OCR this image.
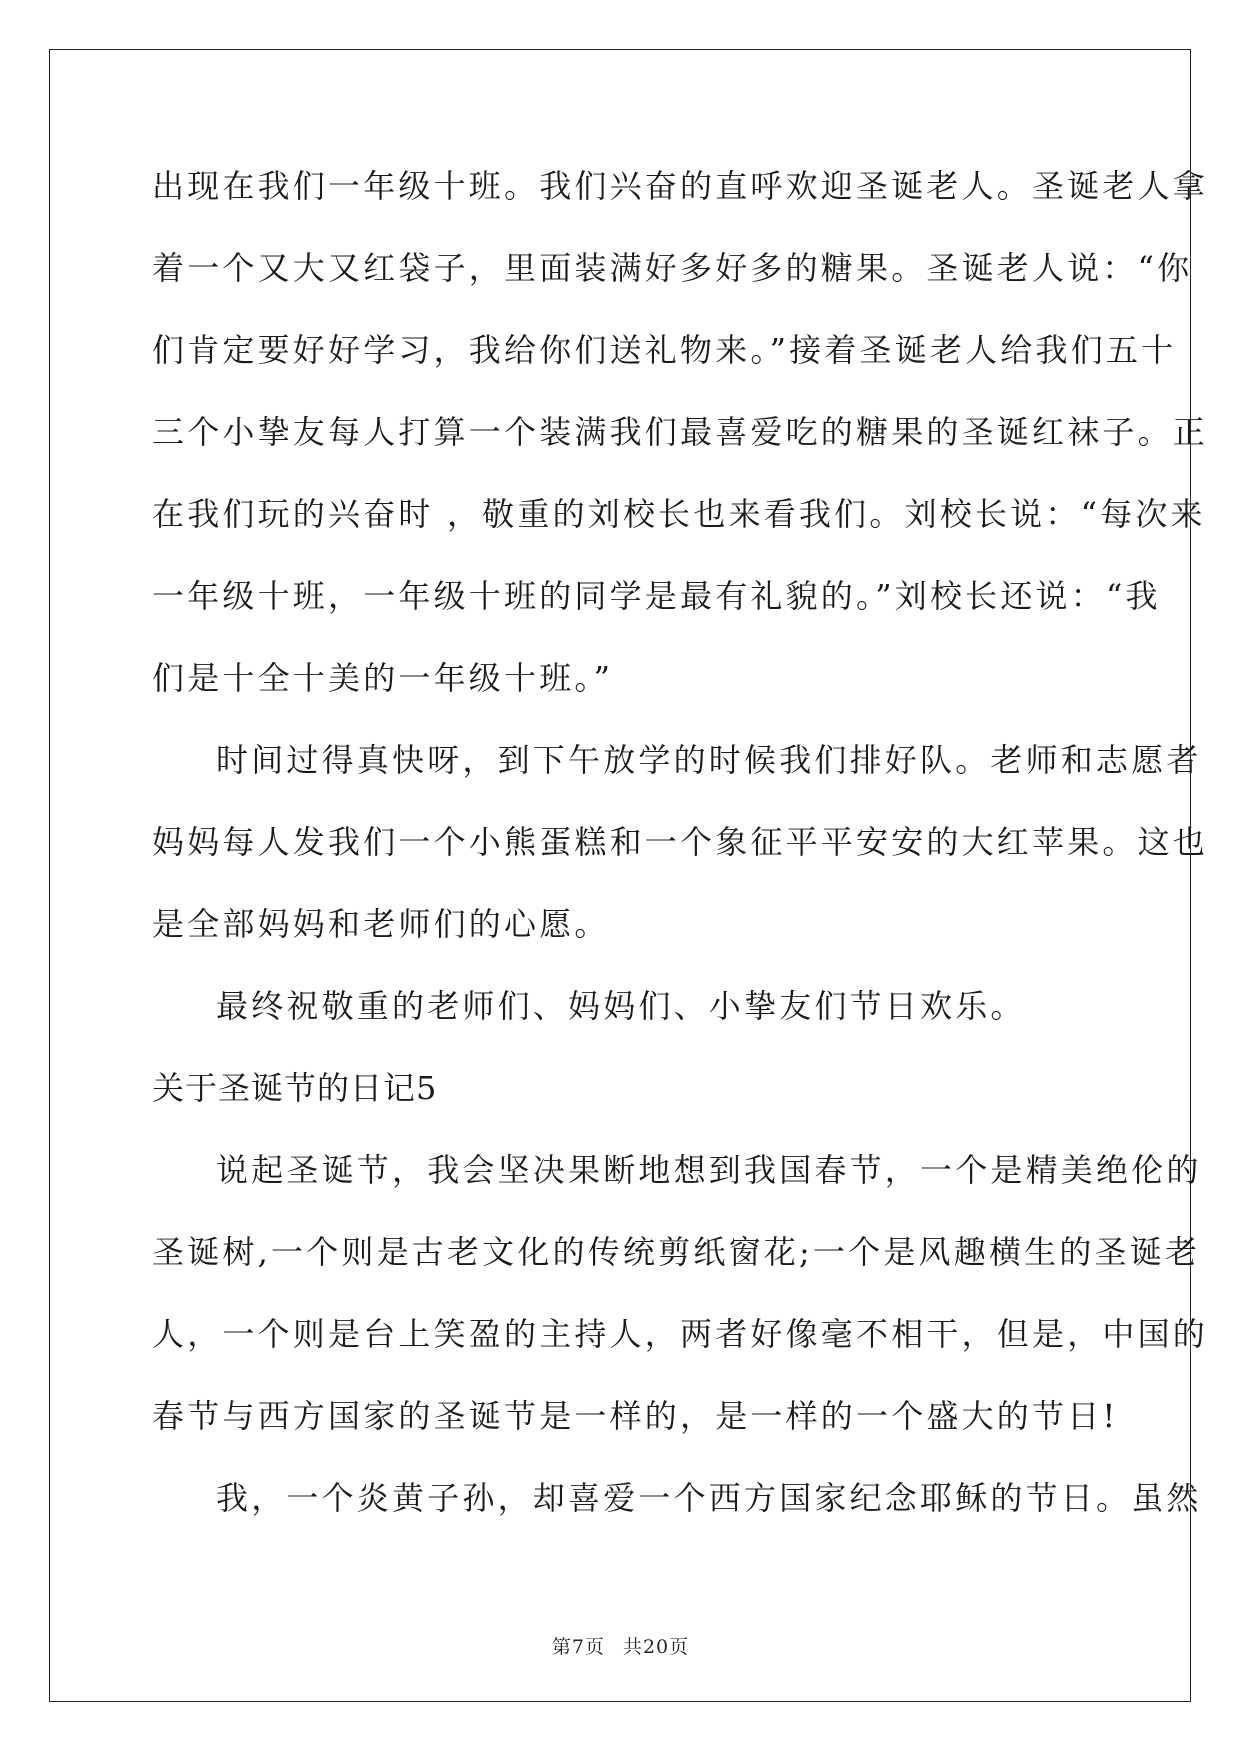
出现在我们一年级十班。我们兴奋的直呼欢迎圣诞老人。圣诞老人拿
着一个又大又红袋子，里面装满好多好多的糖果。圣诞老人说：“你
们肯定要好好学习，我给你们送礼物来。”接着圣诞老人给我们五十
三个小挚友每人打算一个装满我们最喜爱吃的糖果的圣诞红袜子。正
在我们玩的兴奋时 ，敬重的刘校长也来看我们。刘校长说：“每次来
一年级十班，一年级十班的同学是最有礼貌的。”刘校长还说：“我
们是十全十美的一年级十班。”
时间过得真快呀，到下午放学的时候我们排好队。老师和志愿者
妈妈每人发我们一个小熊蛋糕和一个象征平平安安的大红苹果。这也
是全部妈妈和老师们的心愿。
最终祝敬重的老师们、妈妈们、小挚友们节日欢乐。
关于圣诞节的日记5
说起圣诞节，我会坚决果断地想到我国春节，一个是精美绝伦的
圣诞树,一个则是古老文化的传统剪纸窗花;一个是风趣横生的圣诞老
人，一个则是台上笑盈的主持人，两者好像毫不相干，但是，中国的
春节与西方国家的圣诞节是一样的，是一样的一个盛大的节日!
我，一个炎黄子孙，却喜爱一个西方国家纪念耶稣的节日。虽然
第7页 共20页
